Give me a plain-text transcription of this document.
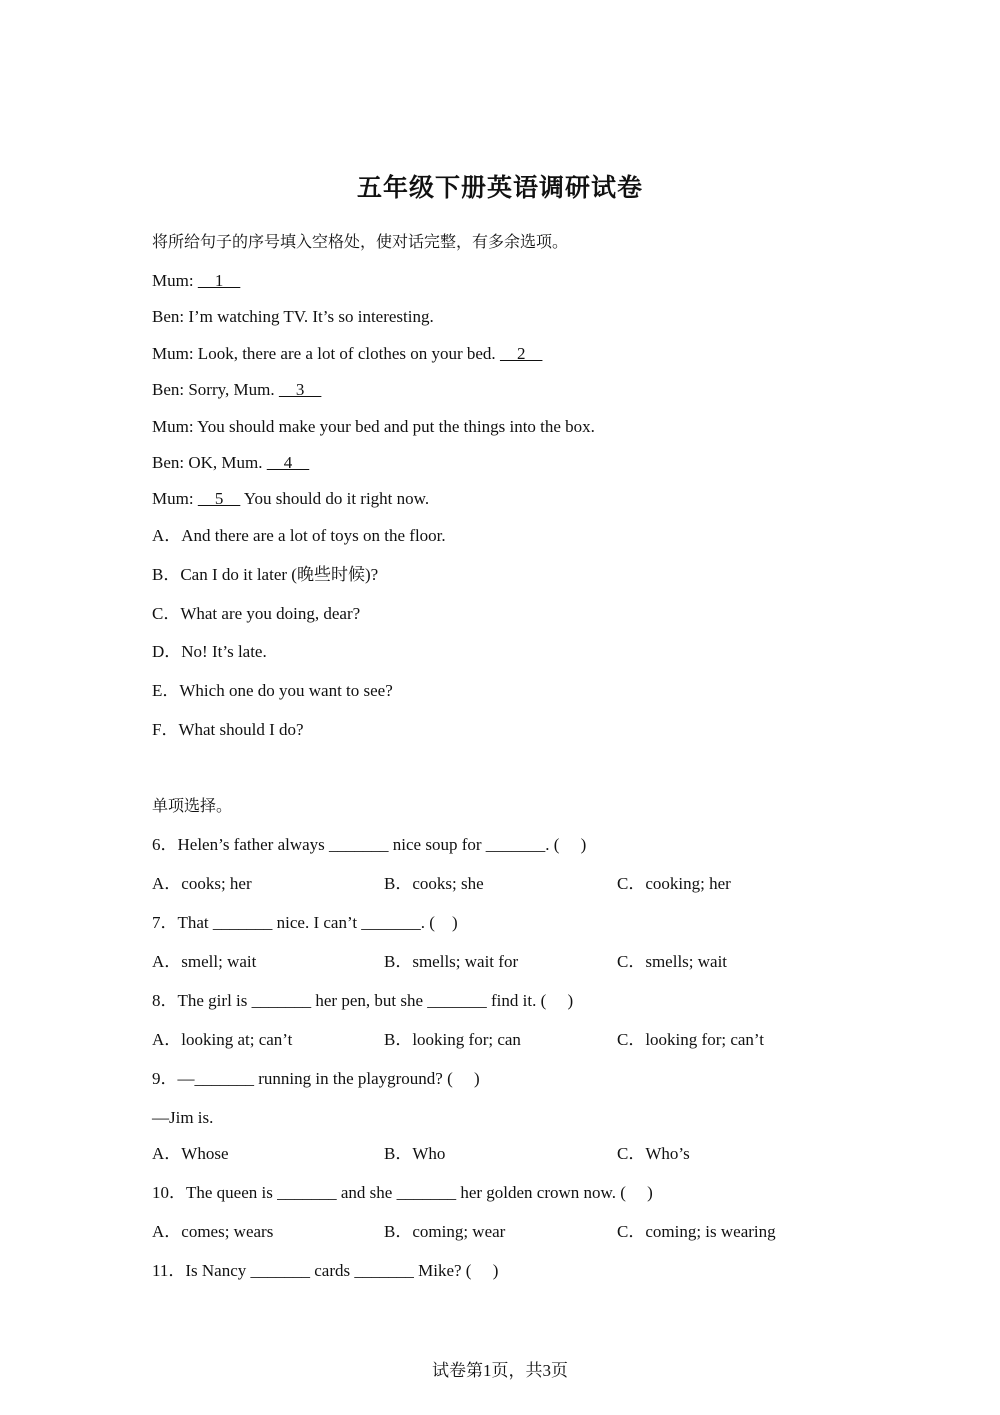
五年级下册英语调研试卷
将所给句子的序号填入空格处，使对话完整，有多余选项。
Mum:     1
Ben: I’m watching TV. It’s so interesting.
Mum: Look, there are a lot of clothes on your bed.     2
Ben: Sorry, Mum.     3
Mum: You should make your bed and put the things into the box.
Ben: OK, Mum.     4
Mum:     5     You should do it right now.
A．And there are a lot of toys on the floor.
B．Can I do it later (晚些时候)?
C．What are you doing, dear?
D．No! It’s late.
E．Which one do you want to see?
F．What should I do?
单项选择。
6．Helen’s father always _______ nice soup for _______. (     )
A．cooks; her	B．cooks; she	C．cooking; her
7．That _______ nice. I can’t _______. (    )
A．smell; wait	B．smells; wait for	C．smells; wait
8．The girl is _______ her pen, but she _______ find it. (     )
A．looking at; can’t	B．looking for; can	C．looking for; can’t
9．—_______ running in the playground? (     )
—Jim is.
A．Whose	B．Who	C．Who’s
10．The queen is _______ and she _______ her golden crown now. (     )
A．comes; wears	B．coming; wear	C．coming; is wearing
11．Is Nancy _______ cards _______ Mike? (     )
试卷第1页，共3页
